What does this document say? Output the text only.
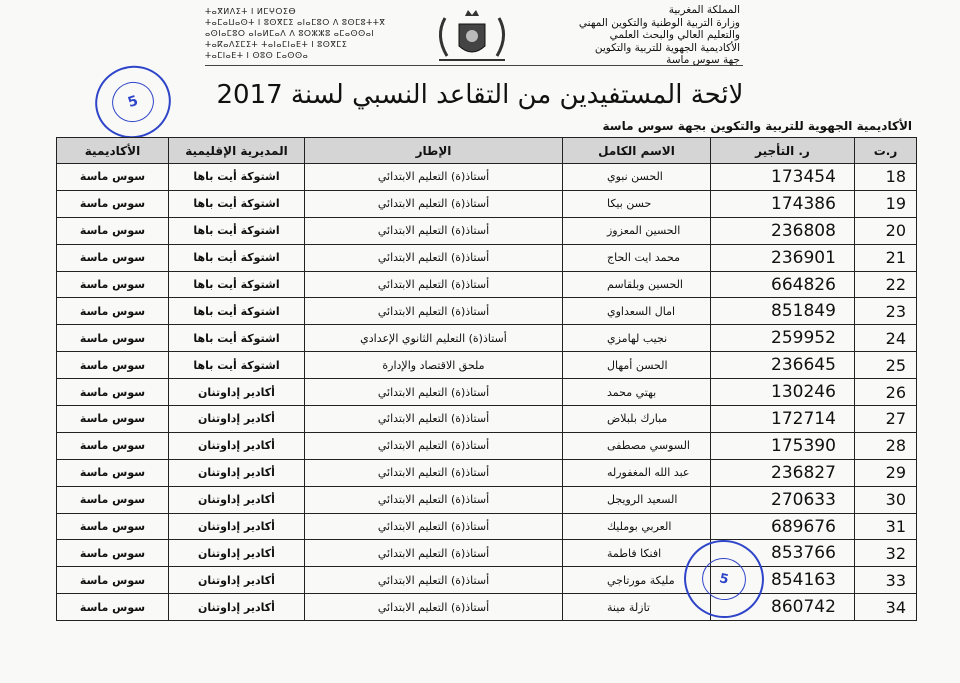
المملكة المغربية
وزارة التربية الوطنية والتكوين المهني
والتعليم العالي والبحث العلمي
الأكاديمية الجهوية للتربية والتكوين
جهة سوس ماسة
ⵜⴰⴳⵍⴷⵉⵜ ⵏ ⵍⵎⵖⵔⵉⴱ
ⵜⴰⵎⴰⵡⴰⵙⵜ ⵏ ⵓⵙⴳⵎⵉ ⴰⵏⴰⵎⵓⵔ ⴷ ⵓⵙⵎⵓⵜⵜⴳ
ⴰⵙⵏⴰⵎⵓⵔ ⴰⵏⴰⵍⵎⴰⴷ ⴷ ⵓⵔⵣⵣⵓ ⴰⵎⴰⵙⵙⴰⵏ
ⵜⴰⴽⴰⴷⵉⵎⵉⵜ ⵜⴰⵏⴰⵎⵏⴰⴹⵜ ⵏ ⵓⵙⴳⵎⵉ
ⵜⴰⵎⵏⴰⴹⵜ ⵏ ⵙⵓⵙ ⵎⴰⵙⵙⴰ
5	لائحة المستفيدين من التقاعد النسبي لسنة 2017
الأكاديمية الجهوية للتربية والتكوين بجهة سوس ماسة
ر.ت	ر. التأجير	الاسم الكامل	الإطار	المديرية الإقليمية	الأكاديمية
18	173454	الحسن نبوي	أستاذ(ة) التعليم الابتدائي	اشتوكة أيت باها	سوس ماسة
19	174386	حسن بيكا	أستاذ(ة) التعليم الابتدائي	اشتوكة أيت باها	سوس ماسة
20	236808	الحسين المعزوز	أستاذ(ة) التعليم الابتدائي	اشتوكة أيت باها	سوس ماسة
21	236901	محمد ايت الحاج	أستاذ(ة) التعليم الابتدائي	اشتوكة أيت باها	سوس ماسة
22	664826	الحسين وبلقاسم	أستاذ(ة) التعليم الابتدائي	اشتوكة أيت باها	سوس ماسة
23	851849	امال السعداوي	أستاذ(ة) التعليم الابتدائي	اشتوكة أيت باها	سوس ماسة
24	259952	نجيب لهامزي	أستاذ(ة) التعليم الثانوي الإعدادي	اشتوكة أيت باها	سوس ماسة
25	236645	الحسن أمهال	ملحق الاقتصاد والإدارة	اشتوكة أيت باها	سوس ماسة
26	130246	بهتي محمد	أستاذ(ة) التعليم الابتدائي	أكادير إداوتنان	سوس ماسة
27	172714	مبارك بلبلاض	أستاذ(ة) التعليم الابتدائي	أكادير إداوتنان	سوس ماسة
28	175390	السوسي مصطفى	أستاذ(ة) التعليم الابتدائي	أكادير إداوتنان	سوس ماسة
29	236827	عبد الله المغفورله	أستاذ(ة) التعليم الابتدائي	أكادير إداوتنان	سوس ماسة
30	270633	السعيد الرويجل	أستاذ(ة) التعليم الابتدائي	أكادير إداوتنان	سوس ماسة
31	689676	العربي بومليك	أستاذ(ة) التعليم الابتدائي	أكادير إداوتنان	سوس ماسة
32	853766	افنكا فاطمة	أستاذ(ة) التعليم الابتدائي	أكادير إداوتنان	سوس ماسة
33	854163	مليكة مورتاجي	أستاذ(ة) التعليم الابتدائي	أكادير إداوتنان	سوس ماسة
34	860742	تازلة مينة	أستاذ(ة) التعليم الابتدائي	أكادير إداوتنان	سوس ماسة
5
